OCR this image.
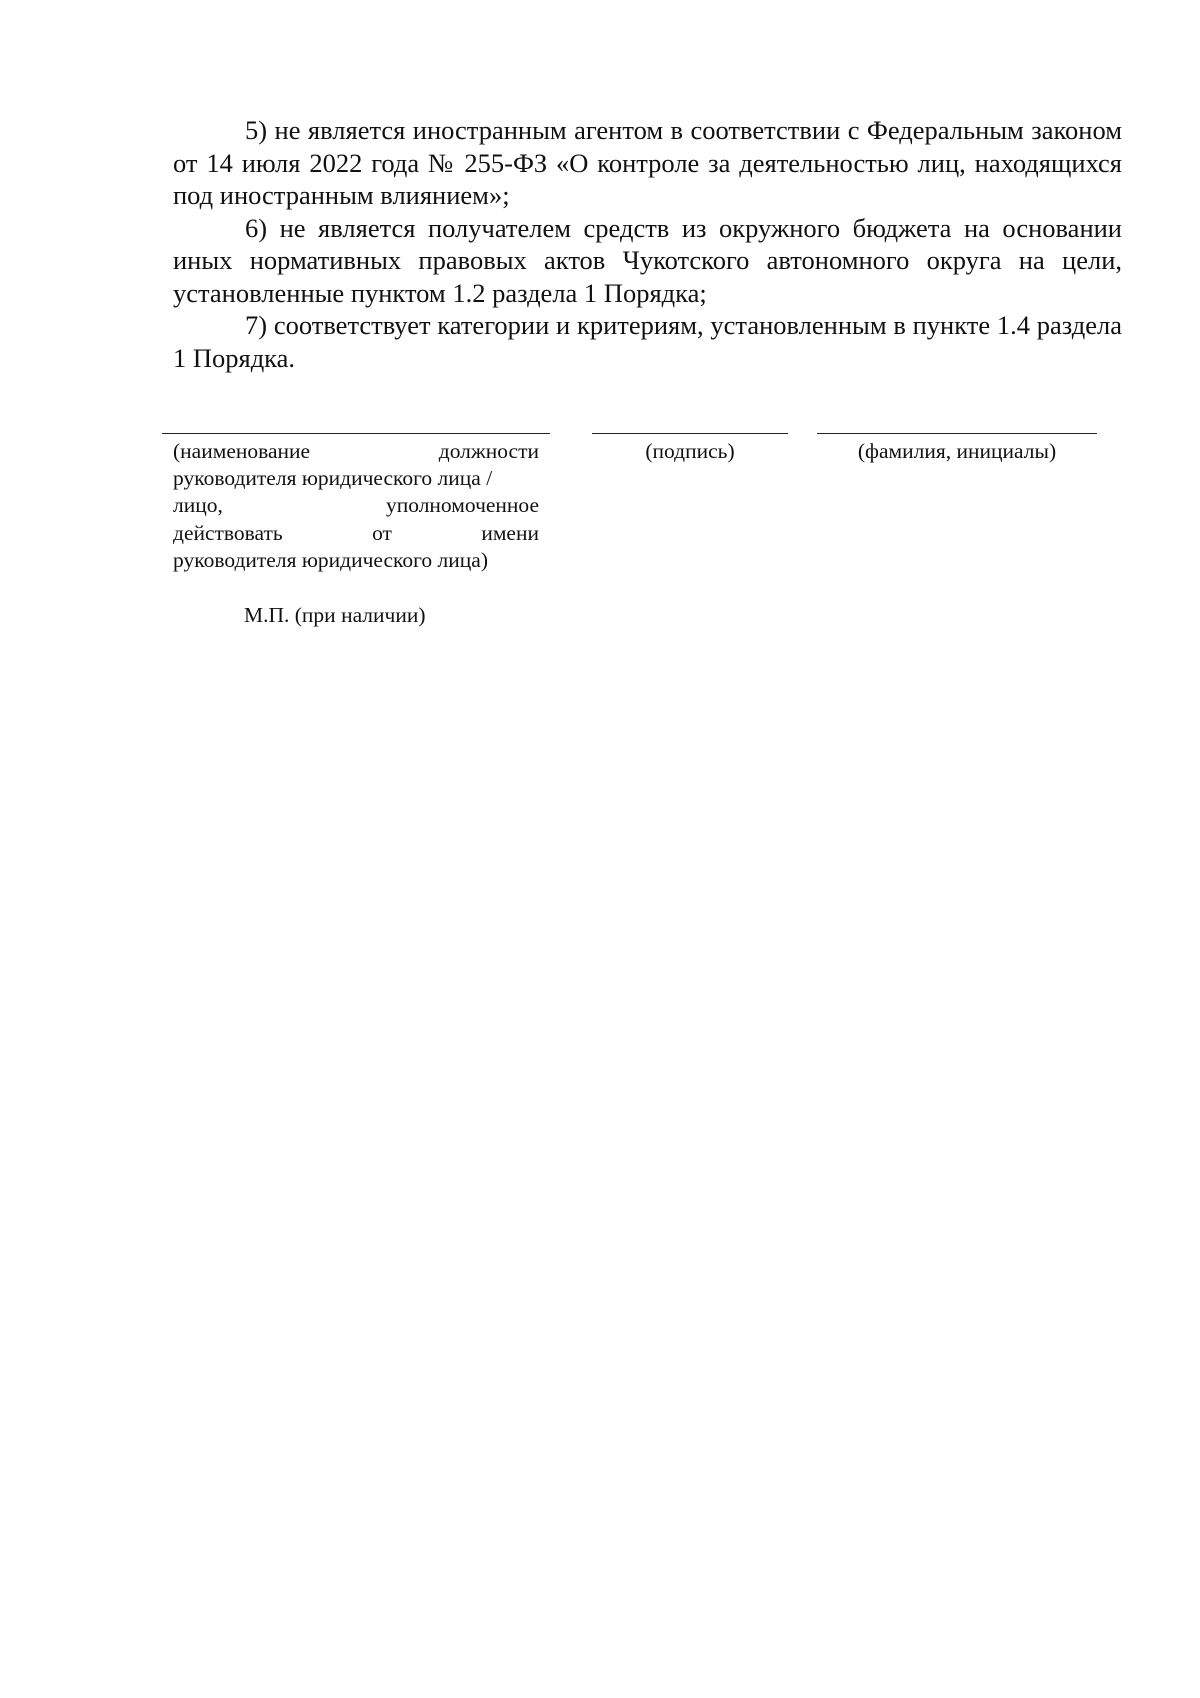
5) не является иностранным агентом в соответствии с Федеральным законом от 14 июля 2022 года № 255-ФЗ «О контроле за деятельностью лиц, находящихся под иностранным влиянием»;

6) не является получателем средств из окружного бюджета на основании иных нормативных правовых актов Чукотского автономного округа на цели, установленные пунктом 1.2 раздела 1 Порядка;

7) соответствует категории и критериям, установленным в пункте 1.4 раздела 1 Порядка.

(наименование	должности
руководителя юридического лица /
лицо,	уполномоченное
действовать	от	имени
руководителя юридического лица)
(подпись)	(фамилия, инициалы)
М.П. (при наличии)
